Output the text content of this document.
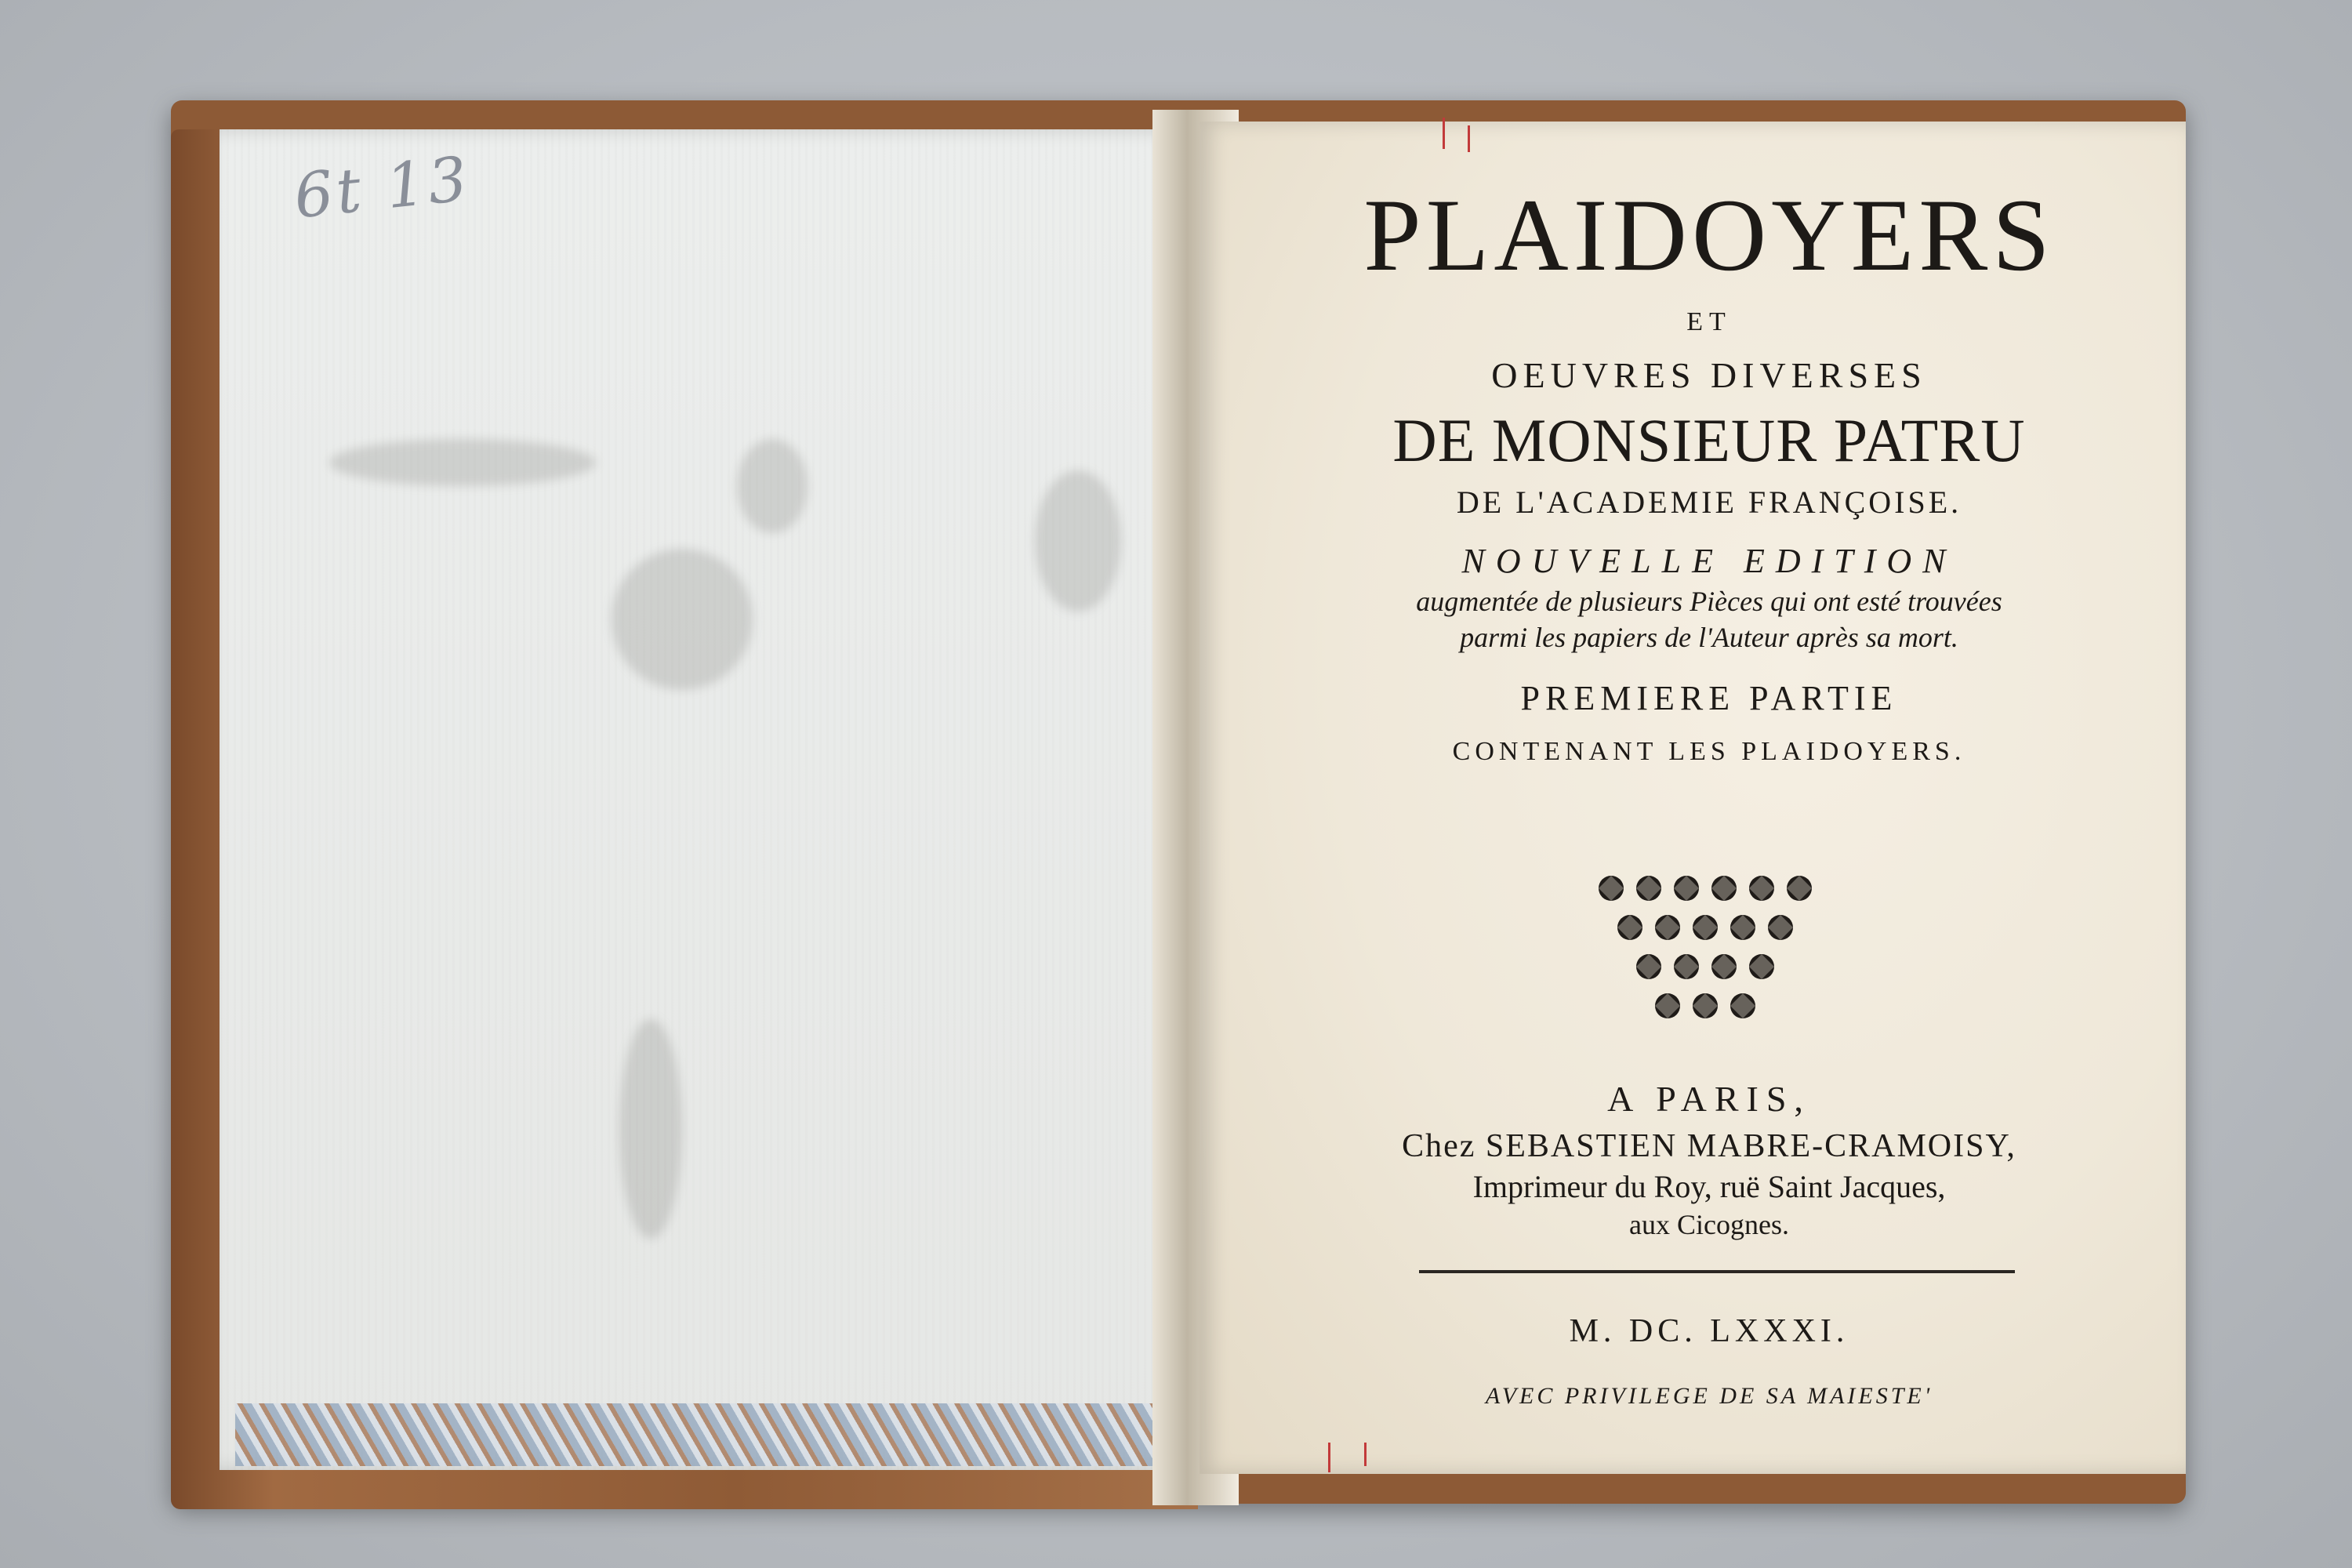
6t 13	PLAIDOYERS

ET

OEUVRES DIVERSES

DE MONSIEUR PATRU

DE L'ACADEMIE FRANÇOISE.

NOUVELLE EDITION

augmentée de plusieurs Pièces qui ont esté trouvées

parmi les papiers de l'Auteur après sa mort.

PREMIERE PARTIE

CONTENANT LES PLAIDOYERS.

A PARIS,

Chez SEBASTIEN MABRE-CRAMOISY,

Imprimeur du Roy, ruë Saint Jacques,

aux Cicognes.

M. DC. LXXXI.

AVEC PRIVILEGE DE SA MAIESTE'
